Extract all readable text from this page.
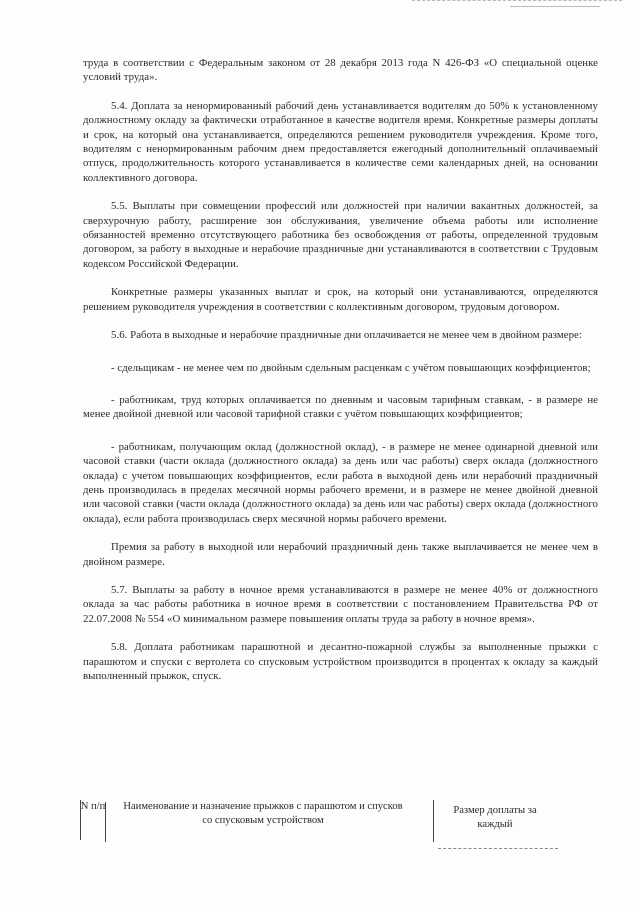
труда в соответствии с Федеральным законом от 28 декабря 2013 года N 426-ФЗ «О специальной оценке условий труда».

5.4. Доплата за ненормированный рабочий день устанавливается водителям до 50% к установленному должностному окладу за фактически отработанное в качестве водителя время. Конкретные размеры доплаты и срок, на который она устанавливается, определяются решением руководителя учреждения. Кроме того, водителям с ненормированным рабочим днем предоставляется ежегодный дополнительный оплачиваемый отпуск, продолжительность которого устанавливается в количестве семи календарных дней, на основании коллективного договора.

5.5. Выплаты при совмещении профессий или должностей при наличии вакантных должностей, за сверхурочную работу, расширение зон обслуживания, увеличение объема работы или исполнение обязанностей временно отсутствующего работника без освобождения от работы, определенной трудовым договором, за работу в выходные и нерабочие праздничные дни устанавливаются в соответствии с Трудовым кодексом Российской Федерации.

Конкретные размеры указанных выплат и срок, на который они устанавливаются, определяются решением руководителя учреждения в соответствии с коллективным договором, трудовым договором.

5.6. Работа в выходные и нерабочие праздничные дни оплачивается не менее чем в двойном размере:

- сдельщикам - не менее чем по двойным сдельным расценкам с учётом повышающих коэффициентов;

- работникам, труд которых оплачивается по дневным и часовым тарифным ставкам, - в размере не менее двойной дневной или часовой тарифной ставки с учётом повышающих коэффициентов;

- работникам, получающим оклад (должностной оклад), - в размере не менее одинарной дневной или часовой ставки (части оклада (должностного оклада) за день или час работы) сверх оклада (должностного оклада) с учетом повышающих коэффициентов, если работа в выходной день или нерабочий праздничный день производилась в пределах месячной нормы рабочего времени, и в размере не менее двойной дневной или часовой ставки (части оклада (должностного оклада) за день или час работы) сверх оклада (должностного оклада), если работа производилась сверх месячной нормы рабочего времени.

Премия за работу в выходной или нерабочий праздничный день также выплачивается не менее чем в двойном размере.

5.7. Выплаты за работу в ночное время устанавливаются в размере не менее 40% от должностного оклада за час работы работника в ночное время в соответствии с постановлением Правительства РФ от 22.07.2008 № 554 «О минимальном размере повышения оплаты труда за работу в ночное время».

5.8. Доплата работникам парашютной и десантно-пожарной службы за выполненные прыжки с парашютом и спуски с вертолета со спусковым устройством производится в процентах к окладу за каждый выполненный прыжок, спуск.

N п/п	Наименование и назначение прыжков с парашютом и спусков со спусковым устройством
Размер доплаты за каждый
